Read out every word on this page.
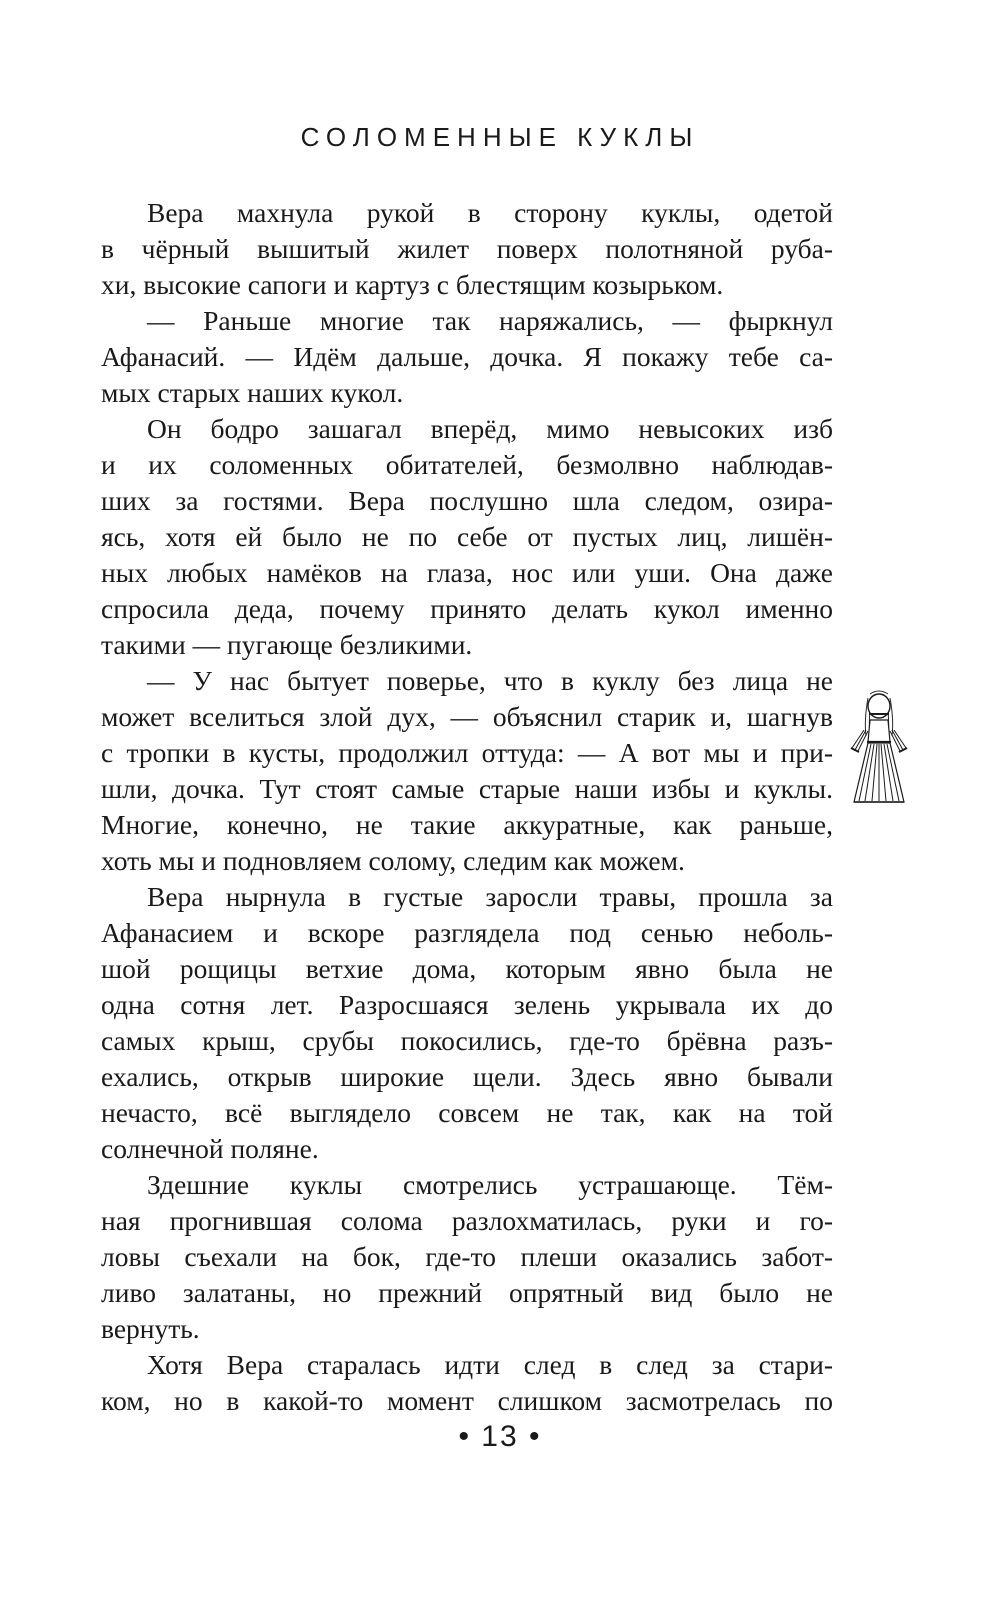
СОЛОМЕННЫЕ КУКЛЫ
Вера махнула рукой в сторону куклы, одетой
в чёрный вышитый жилет поверх полотняной руба-
хи, высокие сапоги и картуз с блестящим козырьком.
— Раньше многие так наряжались, — фыркнул
Афанасий. — Идём дальше, дочка. Я покажу тебе са-
мых старых наших кукол.
Он бодро зашагал вперёд, мимо невысоких изб
и их соломенных обитателей, безмолвно наблюдав-
ших за гостями. Вера послушно шла следом, озира-
ясь, хотя ей было не по себе от пустых лиц, лишён-
ных любых намёков на глаза, нос или уши. Она даже
спросила деда, почему принято делать кукол именно
такими — пугающе безликими.
— У нас бытует поверье, что в куклу без лица не
может вселиться злой дух, — объяснил старик и, шагнув
с тропки в кусты, продолжил оттуда: — А вот мы и при-
шли, дочка. Тут стоят самые старые наши избы и куклы.
Многие, конечно, не такие аккуратные, как раньше,
хоть мы и подновляем солому, следим как можем.
Вера нырнула в густые заросли травы, прошла за
Афанасием и вскоре разглядела под сенью неболь-
шой рощицы ветхие дома, которым явно была не
одна сотня лет. Разросшаяся зелень укрывала их до
самых крыш, срубы покосились, где-то брёвна разъ-
ехались, открыв широкие щели. Здесь явно бывали
нечасто, всё выглядело совсем не так, как на той
солнечной поляне.
Здешние куклы смотрелись устрашающе. Тём-
ная прогнившая солома разлохматилась, руки и го-
ловы съехали на бок, где-то плеши оказались забот-
ливо залатаны, но прежний опрятный вид было не
вернуть.
Хотя Вера старалась идти след в след за стари-
ком, но в какой-то момент слишком засмотрелась по
• 13 •
